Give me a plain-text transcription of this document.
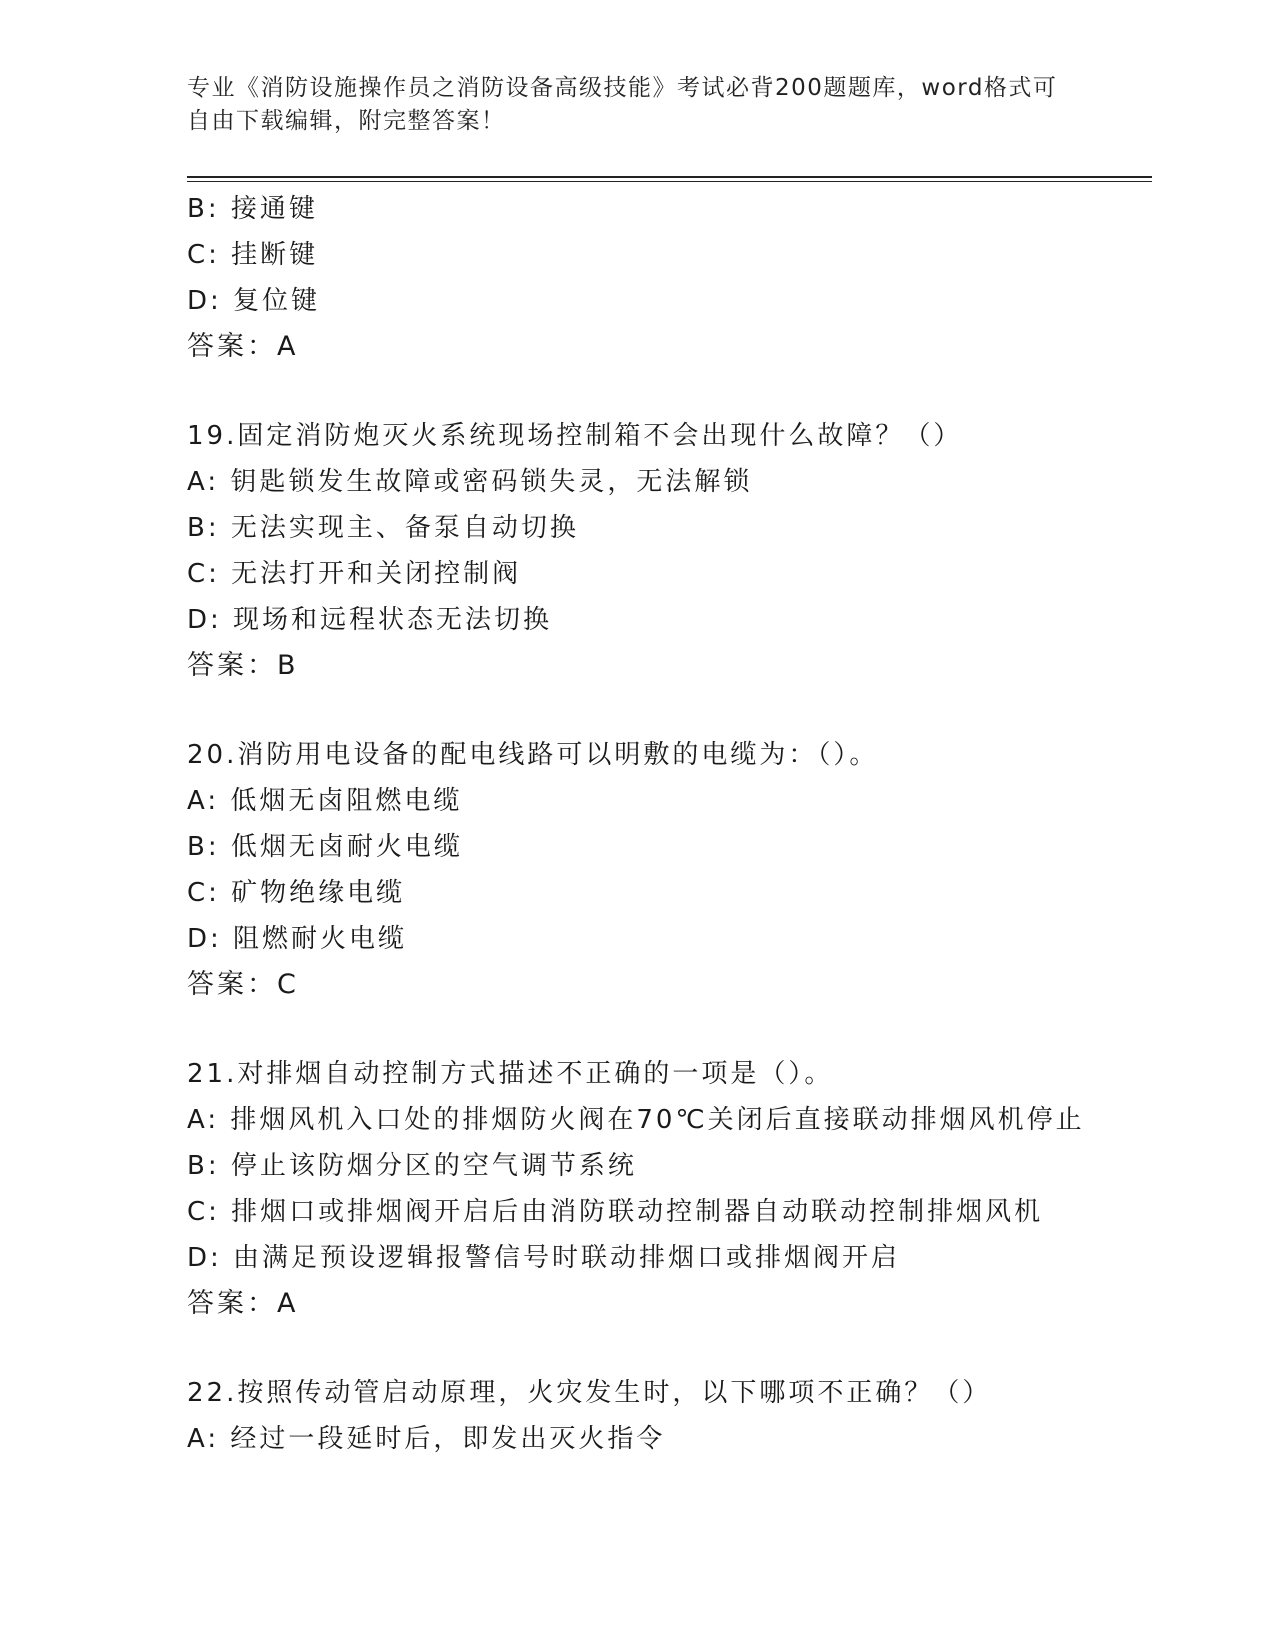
专业《消防设施操作员之消防设备高级技能》考试必背200题题库，word格式可
自由下载编辑，附完整答案！
B: 接通键
C: 挂断键
D: 复位键
答案：A
19.固定消防炮灭火系统现场控制箱不会出现什么故障？（）
A: 钥匙锁发生故障或密码锁失灵，无法解锁
B: 无法实现主、备泵自动切换
C: 无法打开和关闭控制阀
D: 现场和远程状态无法切换
答案：B
20.消防用电设备的配电线路可以明敷的电缆为：（）。
A: 低烟无卤阻燃电缆
B: 低烟无卤耐火电缆
C: 矿物绝缘电缆
D: 阻燃耐火电缆
答案：C
21.对排烟自动控制方式描述不正确的一项是（）。
A: 排烟风机入口处的排烟防火阀在70℃关闭后直接联动排烟风机停止
B: 停止该防烟分区的空气调节系统
C: 排烟口或排烟阀开启后由消防联动控制器自动联动控制排烟风机
D: 由满足预设逻辑报警信号时联动排烟口或排烟阀开启
答案：A
22.按照传动管启动原理，火灾发生时，以下哪项不正确？（）
A: 经过一段延时后，即发出灭火指令
